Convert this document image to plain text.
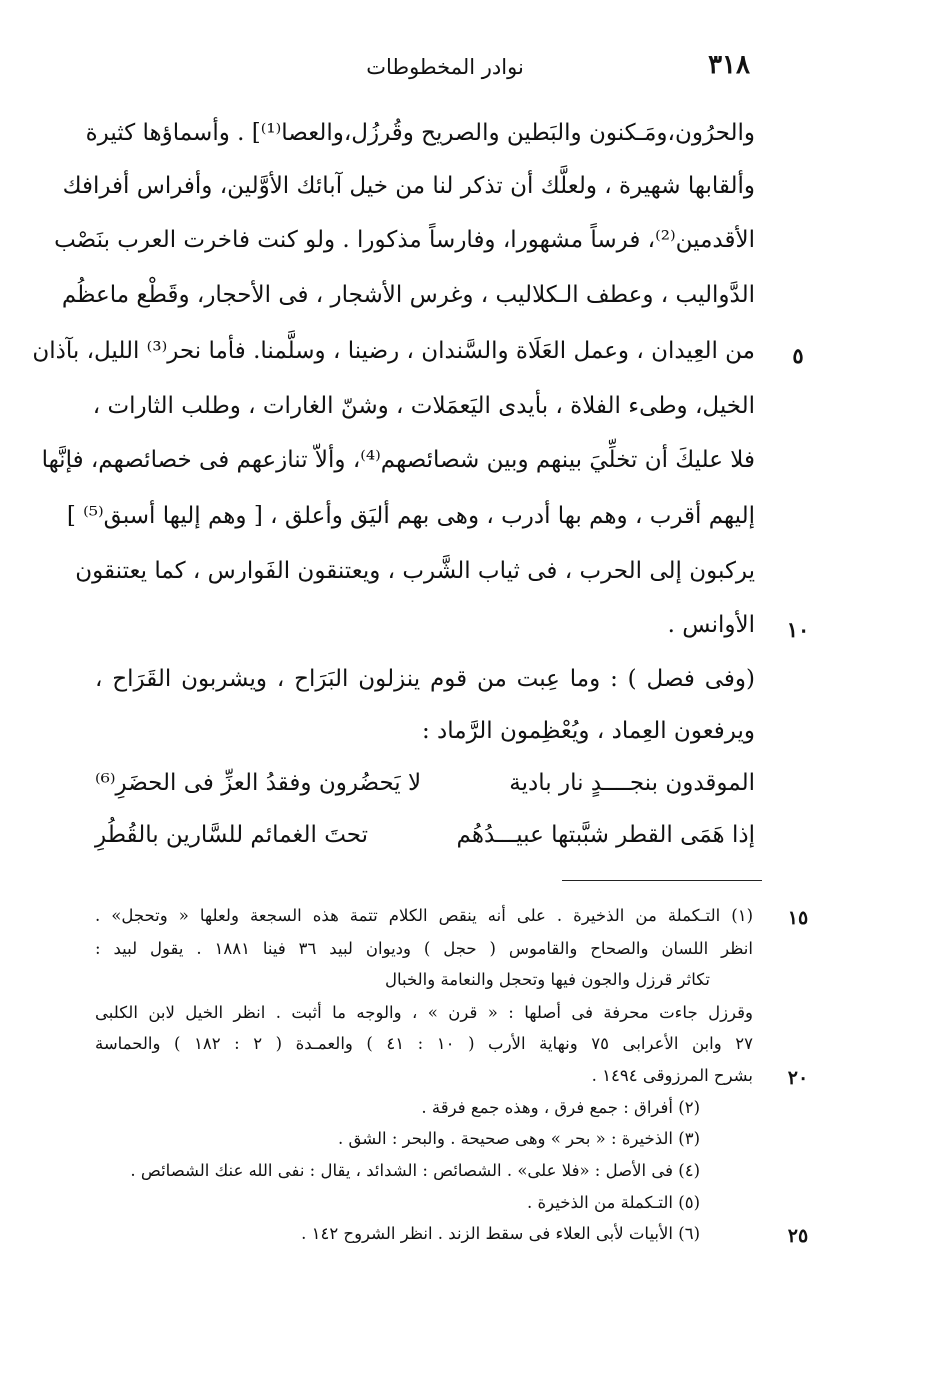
نوادر المخطوطات	٣١٨
والحرُون،ومَـكنون والبَطين والصريح وقُرزُل،والعصا⁽¹⁾] . وأسماؤها كثيرة
وألقابها شهيرة ، ولعلَّك أن تذكر لنا من خيل آبائك الأوَّلين، وأفراس أفرافك
الأقدمين⁽²⁾، فرساً مشهورا، وفارساً مذكورا . ولو كنت فاخرت العرب بنَصْب
الدَّواليب ، وعطف الـكلاليب ، وغرس الأشجار ، فى الأحجار، وقَطْع ماعظُم
من العِيدان ، وعمل العَلَاة والسَّندان ، رضينا ، وسلَّمنا. فأما نحر⁽³⁾ الليل، بآذان
الخيل، وطىء الفلاة ، بأيدى اليَعمَلات ، وشنّ الغارات ، وطلب الثارات ،
فلا عليكَ أن تخلِّيَ بينهم وبين شصائصهم⁽⁴⁾، وألاّ تنازعهم فى خصائصهم، فإنَّها
إليهم أقرب ، وهم بها أدرب ، وهى بهم أليَق وأعلق ، [ وهم إليها أسبق⁽⁵⁾ ]
يركبون إلى الحرب ، فى ثياب الشَّرب ، ويعتنقون الفَوارس ، كما يعتنقون
الأوانس .
٥
١٠
(وفى فصل ) : وما عِبت من قوم ينزلون البَرَاح ، ويشربون القَرَاح ،
ويرفعون العِماد ، ويُعْظِمون الرَّماد :
الموقدون بنجــــدٍ نار بادية
لا يَحضُرون وفقدُ العزِّ فى الحضَرِ⁽⁶⁾
إذا هَمَى القطر شبَّبتها عبيـــدُهُم
تحتَ الغمائم للسَّارين بالقُطُرِ
(١) التـكملة من الذخيرة . على أنه ينقص الكلام تتمة هذه السجعة ولعلها « وتحجل» .
انظر اللسان والصحاح والقاموس ( حجل ) وديوان لبيد ٣٦ فينا ١٨٨١ . يقول لبيد :
تكاثر قرزل والجون فيها وتحجل والنعامة والخبال
وقرزل جاءت محرفة فى أصلها : « قرن » ، والوجه ما أثبت . انظر الخيل لابن الكلبى
٢٧ وابن الأعرابى ٧٥ ونهاية الأرب ( ١٠ : ٤١ ) والعمـدة ( ٢ : ١٨٢ ) والحماسة
بشرح المرزوقى ١٤٩٤ .
(٢) أفراق : جمع فرق ، وهذه جمع فرقة .
(٣) الذخيرة : « بحر » وهى صحيحة . والبحر : الشق .
(٤) فى الأصل : «فلا على» . الشصائص : الشدائد ، يقال : نفى الله عنك الشصائص .
(٥) التـكملة من الذخيرة .
(٦) الأبيات لأبى العلاء فى سقط الزند . انظر الشروح ١٤٢ .
١٥
٢٠
٢٥
